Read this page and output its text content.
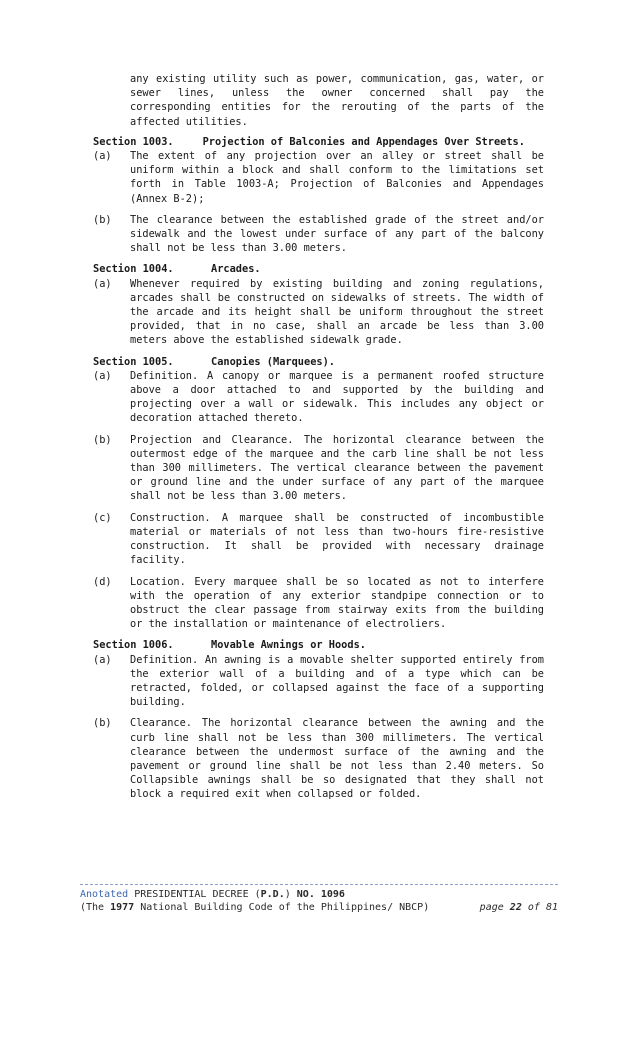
any existing utility such as power, communication, gas, water, or sewer lines, unless the owner concerned shall pay the corresponding entities for the rerouting of the parts of the affected utilities.
Section 1003.	Projection of Balconies and Appendages Over Streets.
(a)	The extent of any projection over an alley or street shall be uniform within a block and shall conform to the limitations set forth in Table 1003-A; Projection of Balconies and Appendages (Annex B-2);
(b)	The clearance between the established grade of the street and/or sidewalk and the lowest under surface of any part of the balcony shall not be less than 3.00 meters.
Section 1004.	Arcades.
(a)	Whenever required by existing building and zoning regulations, arcades shall be constructed on sidewalks of streets. The width of the arcade and its height shall be uniform throughout the street provided, that in no case, shall an arcade be less than 3.00 meters above the established sidewalk grade.
Section 1005.	Canopies (Marquees).
(a)	Definition. A canopy or marquee is a permanent roofed structure above a door attached to and supported by the building and projecting over a wall or sidewalk. This includes any object or decoration attached thereto.
(b)	Projection and Clearance. The horizontal clearance between the outermost edge of the marquee and the carb line shall be not less than 300 millimeters. The vertical clearance between the pavement or ground line and the under surface of any part of the marquee shall not be less than 3.00 meters.
(c)	Construction. A marquee shall be constructed of incombustible material or materials of not less than two-hours fire-resistive construction. It shall be provided with necessary drainage facility.
(d)	Location. Every marquee shall be so located as not to interfere with the operation of any exterior standpipe connection or to obstruct the clear passage from stairway exits from the building or the installation or maintenance of electroliers.
Section 1006.	Movable Awnings or Hoods.
(a)	Definition. An awning is a movable shelter supported entirely from the exterior wall of a building and of a type which can be retracted, folded, or collapsed against the face of a supporting building.
(b)	Clearance. The horizontal clearance between the awning and the curb line shall not be less than 300 millimeters. The vertical clearance between the undermost surface of the awning and the pavement or ground line shall be not less than 2.40 meters. So Collapsible awnings shall be so designated that they shall not block a required exit when collapsed or folded.
Anotated PRESIDENTIAL DECREE (P.D.) NO. 1096
(The 1977 National Building Code of the Philippines/ NBCP)	page 22 of 81
